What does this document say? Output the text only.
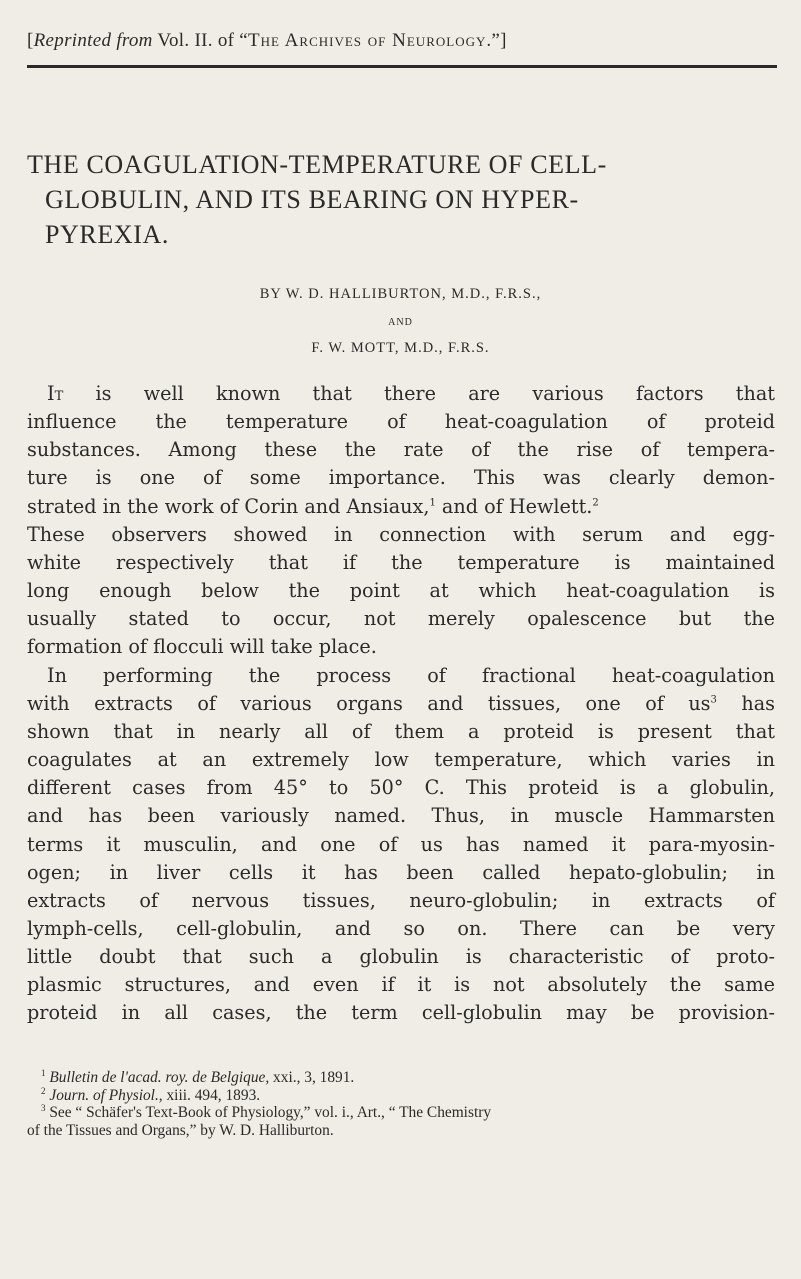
[Reprinted from Vol. II. of “The Archives of Neurology.”]
THE COAGULATION-TEMPERATURE OF CELL-
GLOBULIN, AND ITS BEARING ON HYPER-
PYREXIA.
BY W. D. HALLIBURTON, M.D., F.R.S.,
AND
F. W. MOTT, M.D., F.R.S.

It is well known that there are various factors that
influence the temperature of heat-coagulation of proteid
substances. Among these the rate of the rise of tempera-
ture is one of some importance. This was clearly demon-
strated in the work of Corin and Ansiaux,$^1$ and of Hewlett.$^2$
These observers showed in connection with serum and egg-
white respectively that if the temperature is maintained
long enough below the point at which heat-coagulation is
usually stated to occur, not merely opalescence but the
formation of flocculi will take place.

In performing the process of fractional heat-coagulation
with extracts of various organs and tissues, one of $us^3$ has
shown that in nearly all of them a proteid is present that
coagulates at an extremely low temperature, which varies in
different cases from 45° to 50° C. This proteid is a globulin,
and has been variously named. Thus, in muscle Hammarsten
terms it musculin, and one of us has named it para-myosin-
ogen; in liver cells it has been called hepato-globulin; in
extracts of nervous tissues, neuro-globulin; in extracts of
lymph-cells, cell-globulin, and so on. There can be very
little doubt that such a globulin is characteristic of proto-
plasmic structures, and even if it is not absolutely the same
proteid in all cases, the term cell-globulin may be provision-

$^1$ Bulletin de l'acad. roy. de Belgique, xxi., 3, 1891.
$^2$ Journ. of Physiol., xiii. 494, 1893.
$^3$ See “ Schäfer's Text-Book of Physiology,” vol. i., Art., “ The Chemistry
of the Tissues and Organs,” by W. D. Halliburton.
